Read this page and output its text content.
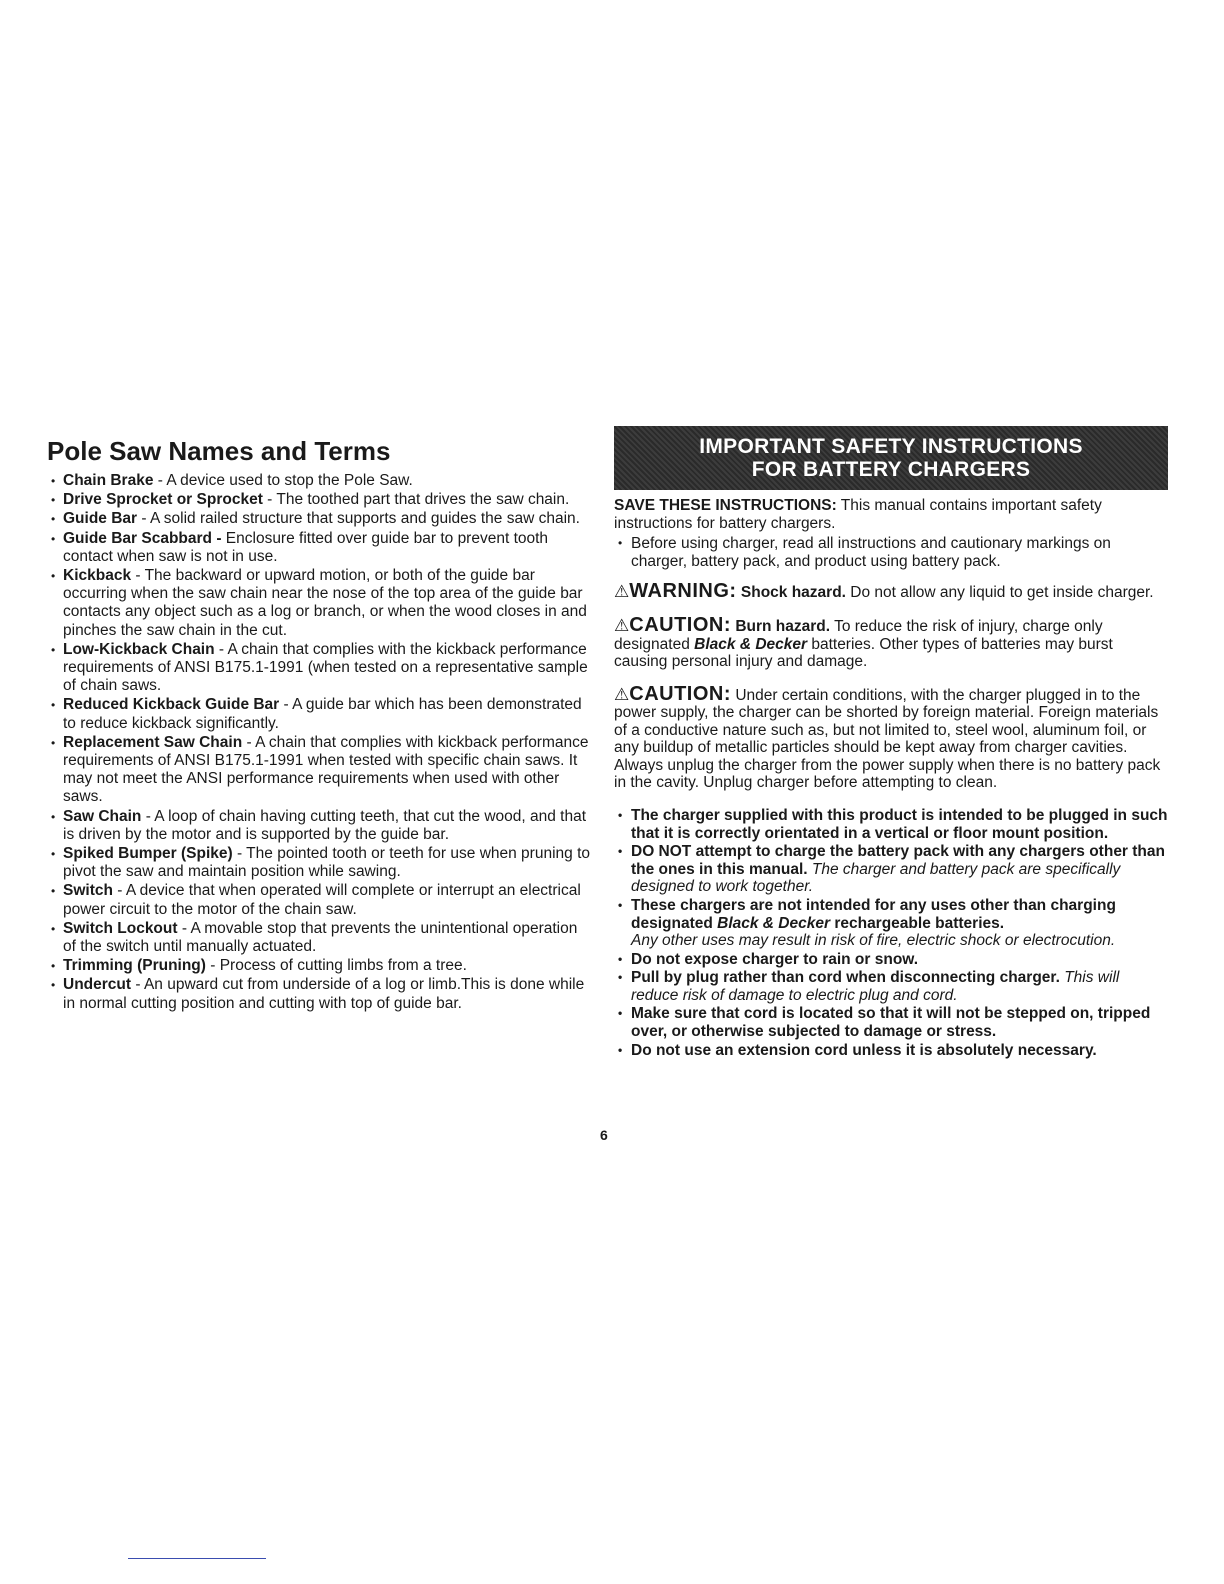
Pole Saw Names and Terms
• Chain Brake - A device used to stop the Pole Saw.
• Drive Sprocket or Sprocket - The toothed part that drives the saw chain.
• Guide Bar - A solid railed structure that supports and guides the saw chain.
• Guide Bar Scabbard - Enclosure fitted over guide bar to prevent tooth contact when saw is not in use.
• Kickback - The backward or upward motion, or both of the guide bar occurring when the saw chain near the nose of the top area of the guide bar contacts any object such as a log or branch, or when the wood closes in and pinches the saw chain in the cut.
• Low-Kickback Chain - A chain that complies with the kickback performance requirements of ANSI B175.1-1991 (when tested on a representative sample of chain saws.
• Reduced Kickback Guide Bar - A guide bar which has been demonstrated to reduce kickback significantly.
• Replacement Saw Chain - A chain that complies with kickback performance requirements of ANSI B175.1-1991 when tested with specific chain saws. It may not meet the ANSI performance requirements when used with other saws.
• Saw Chain - A loop of chain having cutting teeth, that cut the wood, and that is driven by the motor and is supported by the guide bar.
• Spiked Bumper (Spike) - The pointed tooth or teeth for use when pruning to pivot the saw and maintain position while sawing.
• Switch - A device that when operated will complete or interrupt an electrical power circuit to the motor of the chain saw.
• Switch Lockout - A movable stop that prevents the unintentional operation of the switch until manually actuated.
• Trimming (Pruning) - Process of cutting limbs from a tree.
• Undercut - An upward cut from underside of a log or limb.This is done while in normal cutting position and cutting with top of guide bar.
IMPORTANT SAFETY INSTRUCTIONS
FOR BATTERY CHARGERS

SAVE THESE INSTRUCTIONS: This manual contains important safety instructions for battery chargers.

• Before using charger, read all instructions and cautionary markings on charger, battery pack, and product using battery pack.

⚠WARNING: Shock hazard. Do not allow any liquid to get inside charger.

⚠CAUTION: Burn hazard. To reduce the risk of injury, charge only designated Black & Decker batteries. Other types of batteries may burst causing personal injury and damage.

⚠CAUTION: Under certain conditions, with the charger plugged in to the power supply, the charger can be shorted by foreign material. Foreign materials of a conductive nature such as, but not limited to, steel wool, aluminum foil, or any buildup of metallic particles should be kept away from charger cavities. Always unplug the charger from the power supply when there is no battery pack in the cavity. Unplug charger before attempting to clean.

• The charger supplied with this product is intended to be plugged in such that it is correctly orientated in a vertical or floor mount position.
• DO NOT attempt to charge the battery pack with any chargers other than the ones in this manual. The charger and battery pack are specifically designed to work together.
• These chargers are not intended for any uses other than charging designated Black & Decker rechargeable batteries.
Any other uses may result in risk of fire, electric shock or electrocution.
• Do not expose charger to rain or snow.
• Pull by plug rather than cord when disconnecting charger. This will reduce risk of damage to electric plug and cord.
• Make sure that cord is located so that it will not be stepped on, tripped over, or otherwise subjected to damage or stress.
• Do not use an extension cord unless it is absolutely necessary.
6
